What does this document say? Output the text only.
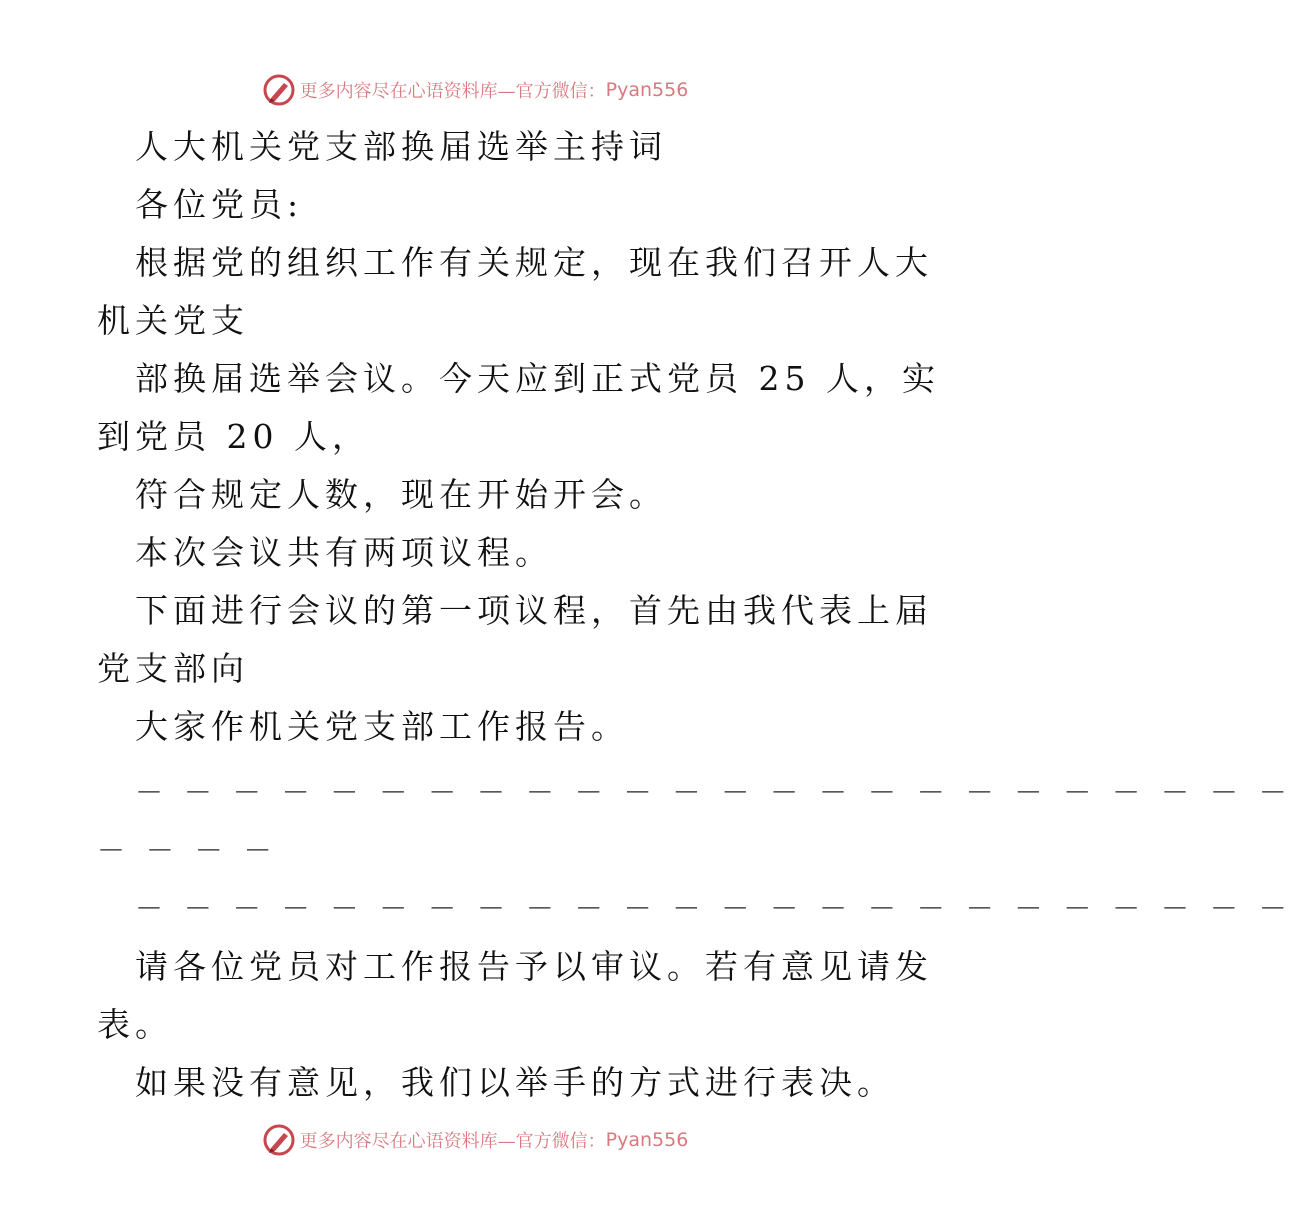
更多内容尽在心语资料库—官方微信： Pyan556

人大机关党支部换届选举主持词

各位党员:

根据党的组织工作有关规定，现在我们召开人大

机关党支

部换届选举会议。今天应到正式党员 25 人，实

到党员 20 人，

符合规定人数，现在开始开会。

本次会议共有两项议程。

下面进行会议的第一项议程，首先由我代表上届

党支部向

大家作机关党支部工作报告。

－ － － － － － － － － － － － － － － － － － － － － － － －

－ － － －

－ － － － － － － － － － － － － － － － － － － － － － － －

请各位党员对工作报告予以审议。若有意见请发

表。

如果没有意见，我们以举手的方式进行表决。

更多内容尽在心语资料库—官方微信： Pyan556
